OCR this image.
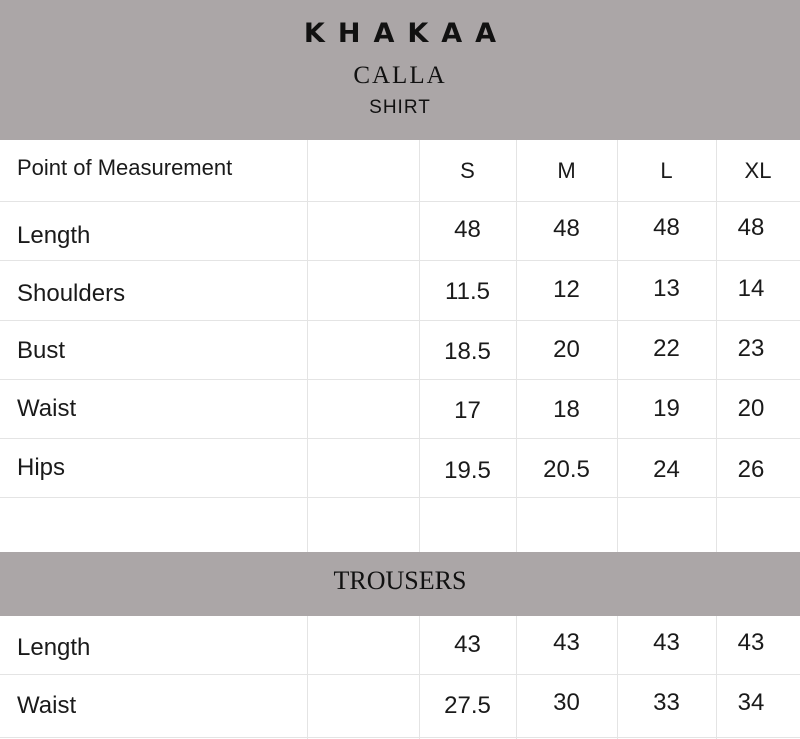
KHAKAA
CALLA
SHIRT
Point of Measurement	S	M	L	XL
Length	48	48	48	48
Shoulders	11.5	12	13	14
Bust	18.5	20	22	23
Waist	17	18	19	20
Hips	19.5	20.5	24	26
TROUSERS
Length	43	43	43	43
Waist	27.5	30	33	34
